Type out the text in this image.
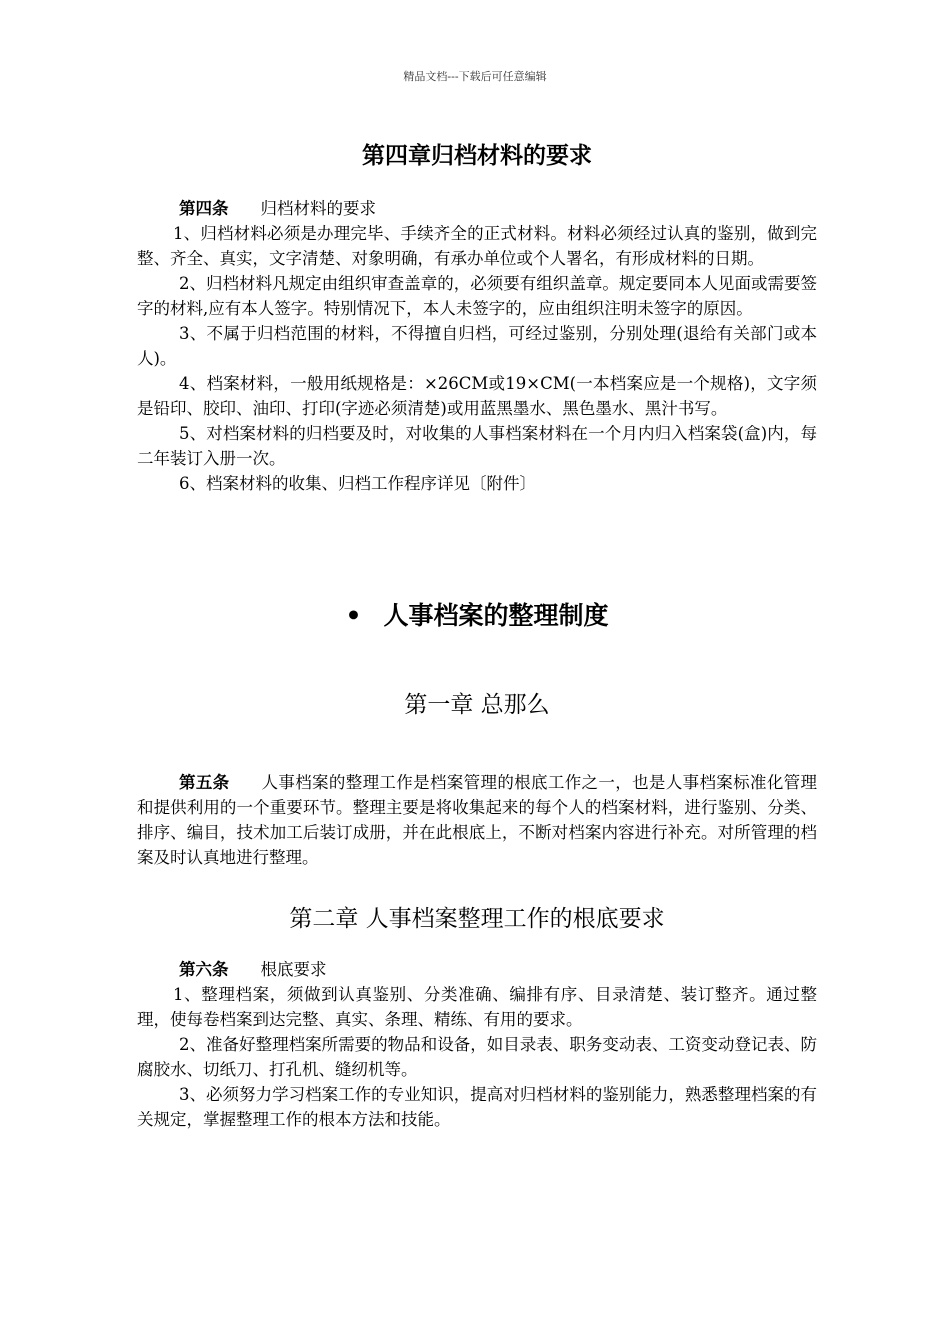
精品文档---下载后可任意编辑
第四章归档材料的要求

第四条 归档材料的要求

1、归档材料必须是办理完毕、手续齐全的正式材料。材料必须经过认真的鉴别，做到完整、齐全、真实，文字清楚、对象明确，有承办单位或个人署名，有形成材料的日期。

2、归档材料凡规定由组织审查盖章的，必须要有组织盖章。规定要同本人见面或需要签字的材料,应有本人签字。特别情况下，本人未签字的，应由组织注明未签字的原因。

3、不属于归档范围的材料，不得擅自归档，可经过鉴别，分别处理(退给有关部门或本人)。

4、档案材料，一般用纸规格是：×26CM或19×CM(一本档案应是一个规格)，文字须是铅印、胶印、油印、打印(字迹必须清楚)或用蓝黑墨水、黑色墨水、黑汁书写。

5、对档案材料的归档要及时，对收集的人事档案材料在一个月内归入档案袋(盒)内，每二年装订入册一次。

6、档案材料的收集、归档工作程序详见〔附件〕

• 人事档案的整理制度
第一章 总那么

第五条 人事档案的整理工作是档案管理的根底工作之一，也是人事档案标准化管理和提供利用的一个重要环节。整理主要是将收集起来的每个人的档案材料，进行鉴别、分类、排序、编目，技术加工后装订成册，并在此根底上，不断对档案内容进行补充。对所管理的档案及时认真地进行整理。

第二章 人事档案整理工作的根底要求

第六条 根底要求

1、整理档案，须做到认真鉴别、分类准确、编排有序、目录清楚、装订整齐。通过整理，使每卷档案到达完整、真实、条理、精练、有用的要求。

2、准备好整理档案所需要的物品和设备，如目录表、职务变动表、工资变动登记表、防腐胶水、切纸刀、打孔机、缝纫机等。

3、必须努力学习档案工作的专业知识，提高对归档材料的鉴别能力，熟悉整理档案的有关规定，掌握整理工作的根本方法和技能。
